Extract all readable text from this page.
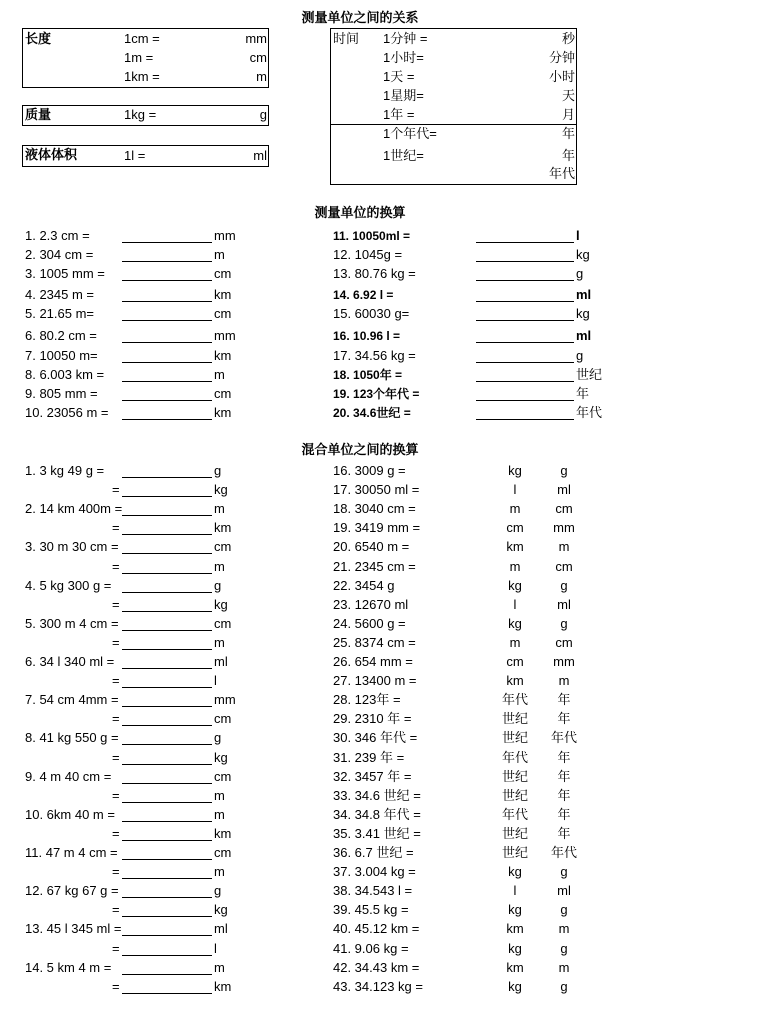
测量单位之间的关系
长度	1cm =	mm
1m =	cm
1km =	m
质量	1kg =	g
液体体积	1l =	ml
时间 1分钟 =	秒
1小时=	分钟
1天 =	小时
1星期=	天
1年 =	月
1个年代=	年
1世纪=	年
年代
测量单位的换算
1. 2.3 cm =	mm
2. 304 cm =	m
3. 1005 mm =	cm
4. 2345 m =	km
5. 21.65 m=	cm
6. 80.2 cm =	mm
7. 10050 m=	km
8. 6.003 km =	m
9. 805 mm =	cm
10. 23056 m =	km
11. 10050ml =	l
12. 1045g =	kg
13. 80.76 kg =	g
14. 6.92 l =	ml
15. 60030 g=	kg
16. 10.96 l =	ml
17. 34.56 kg =	g
18. 1050年 =	世纪
19. 123个年代 =	年
20. 34.6世纪 =	年代
混合单位之间的换算
1. 3 kg 49 g =	g
=	kg
2. 14 km 400m =	m
=	km
3. 30 m 30 cm =	cm
=	m
4. 5 kg 300 g =	g
=	kg
5. 300 m 4 cm =	cm
=	m
6. 34 l 340 ml =	ml
=	l
7. 54 cm 4mm =	mm
=	cm
8. 41 kg 550 g =	g
=	kg
9. 4 m 40 cm =	cm
=	m
10. 6km 40 m =	m
=	km
11. 47 m 4 cm =	cm
=	m
12. 67 kg 67 g =	g
=	kg
13. 45 l 345 ml =	ml
=	l
14. 5 km 4 m =	m
=	km
16. 3009 g =	kg	g
17. 30050 ml =	l	ml
18. 3040 cm =	m	cm
19. 3419 mm =	cm	mm
20. 6540 m =	km	m
21. 2345 cm =	m	cm
22. 3454 g	kg	g
23. 12670 ml	l	ml
24. 5600 g =	kg	g
25. 8374 cm =	m	cm
26. 654 mm =	cm	mm
27. 13400 m =	km	m
28. 123年 =	年代	年
29. 2310 年 =	世纪	年
30. 346 年代 =	世纪	年代
31. 239 年 =	年代	年
32. 3457 年 =	世纪	年
33. 34.6 世纪 =	世纪	年
34. 34.8 年代 =	年代	年
35. 3.41 世纪 =	世纪	年
36. 6.7 世纪 =	世纪	年代
37. 3.004 kg =	kg	g
38. 34.543 l =	l	ml
39. 45.5 kg =	kg	g
40. 45.12 km =	km	m
41. 9.06 kg =	kg	g
42. 34.43 km =	km	m
43. 34.123 kg =	kg	g
